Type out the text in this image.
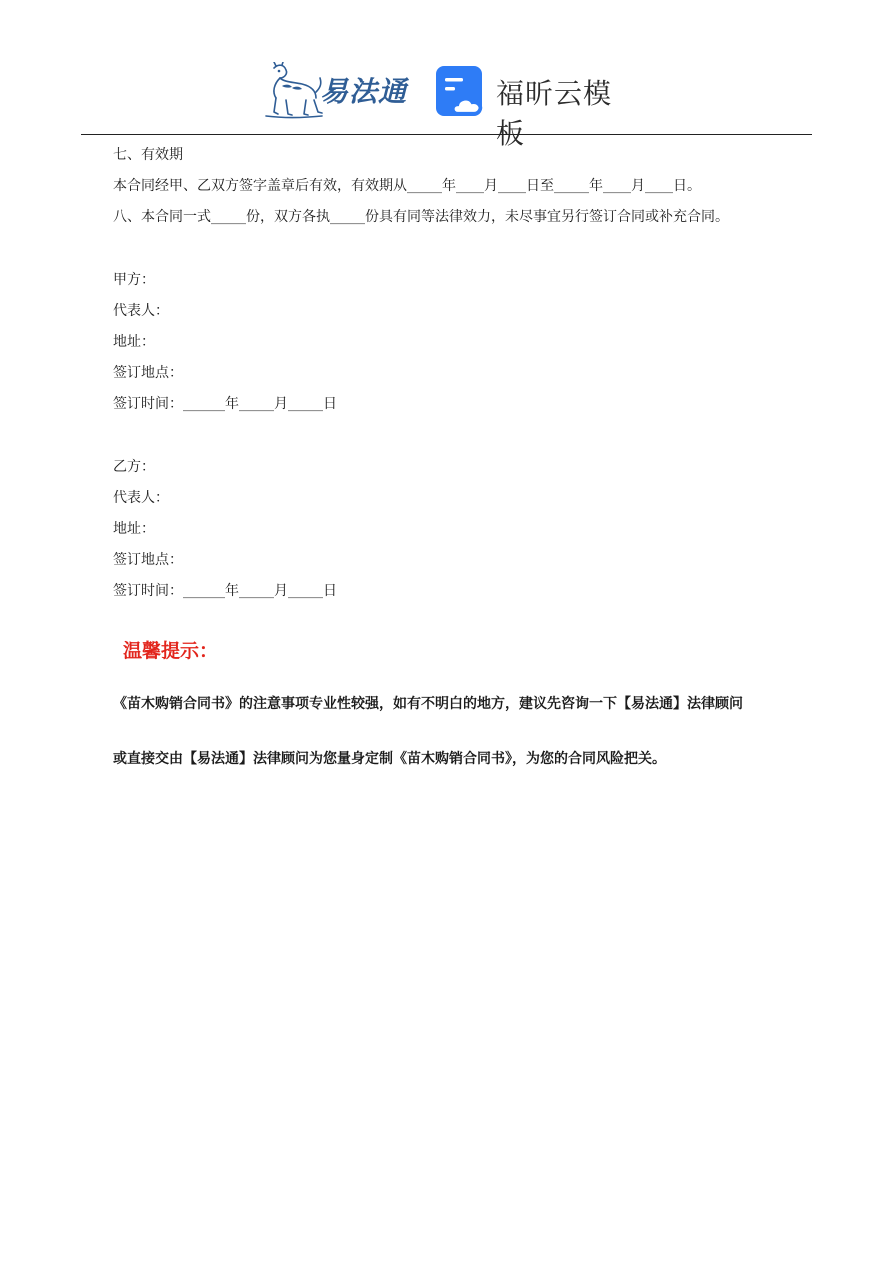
易法通	福昕云模板
七、有效期
本合同经甲、乙双方签字盖章后有效，有效期从_____年____月____日至_____年____月____日。
八、本合同一式_____份，双方各执_____份具有同等法律效力，未尽事宜另行签订合同或补充合同。
甲方：
代表人：
地址：
签订地点：
签订时间：______年_____月_____日
乙方：
代表人：
地址：
签订地点：
签订时间：______年_____月_____日
温馨提示：
《苗木购销合同书》的注意事项专业性较强，如有不明白的地方，建议先咨询一下【易法通】法律顾问
或直接交由【易法通】法律顾问为您量身定制《苗木购销合同书》，为您的合同风险把关。
